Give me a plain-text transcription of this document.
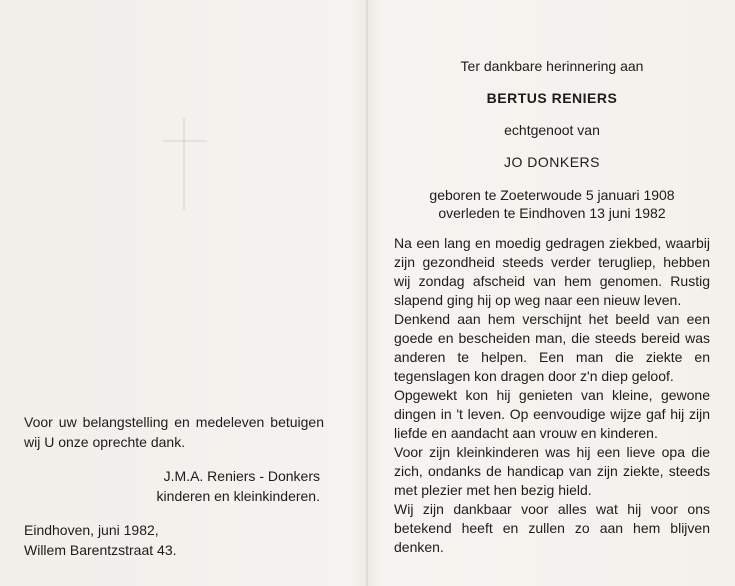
Voor uw belangstelling en medeleven betuigen wij U onze oprechte dank.

J.M.A. Reniers - Donkers

kinderen en kleinkinderen.

Eindhoven, juni 1982,

Willem Barentzstraat 43.

Ter dankbare herinnering aan

BERTUS RENIERS

echtgenoot van

JO DONKERS

geboren te Zoeterwoude 5 januari 1908
overleden te Eindhoven 13 juni 1982

Na een lang en moedig gedragen ziekbed, waarbij zijn gezondheid steeds verder terugliep, hebben wij zondag afscheid van hem genomen. Rustig slapend ging hij op weg naar een nieuw leven.

Denkend aan hem verschijnt het beeld van een goede en bescheiden man, die steeds bereid was anderen te helpen. Een man die ziekte en tegenslagen kon dragen door z'n diep geloof.

Opgewekt kon hij genieten van kleine, gewone dingen in 't leven. Op eenvoudige wijze gaf hij zijn liefde en aandacht aan vrouw en kinderen.

Voor zijn kleinkinderen was hij een lieve opa die zich, ondanks de handicap van zijn ziekte, steeds met plezier met hen bezig hield.

Wij zijn dankbaar voor alles wat hij voor ons betekend heeft en zullen zo aan hem blijven denken.
